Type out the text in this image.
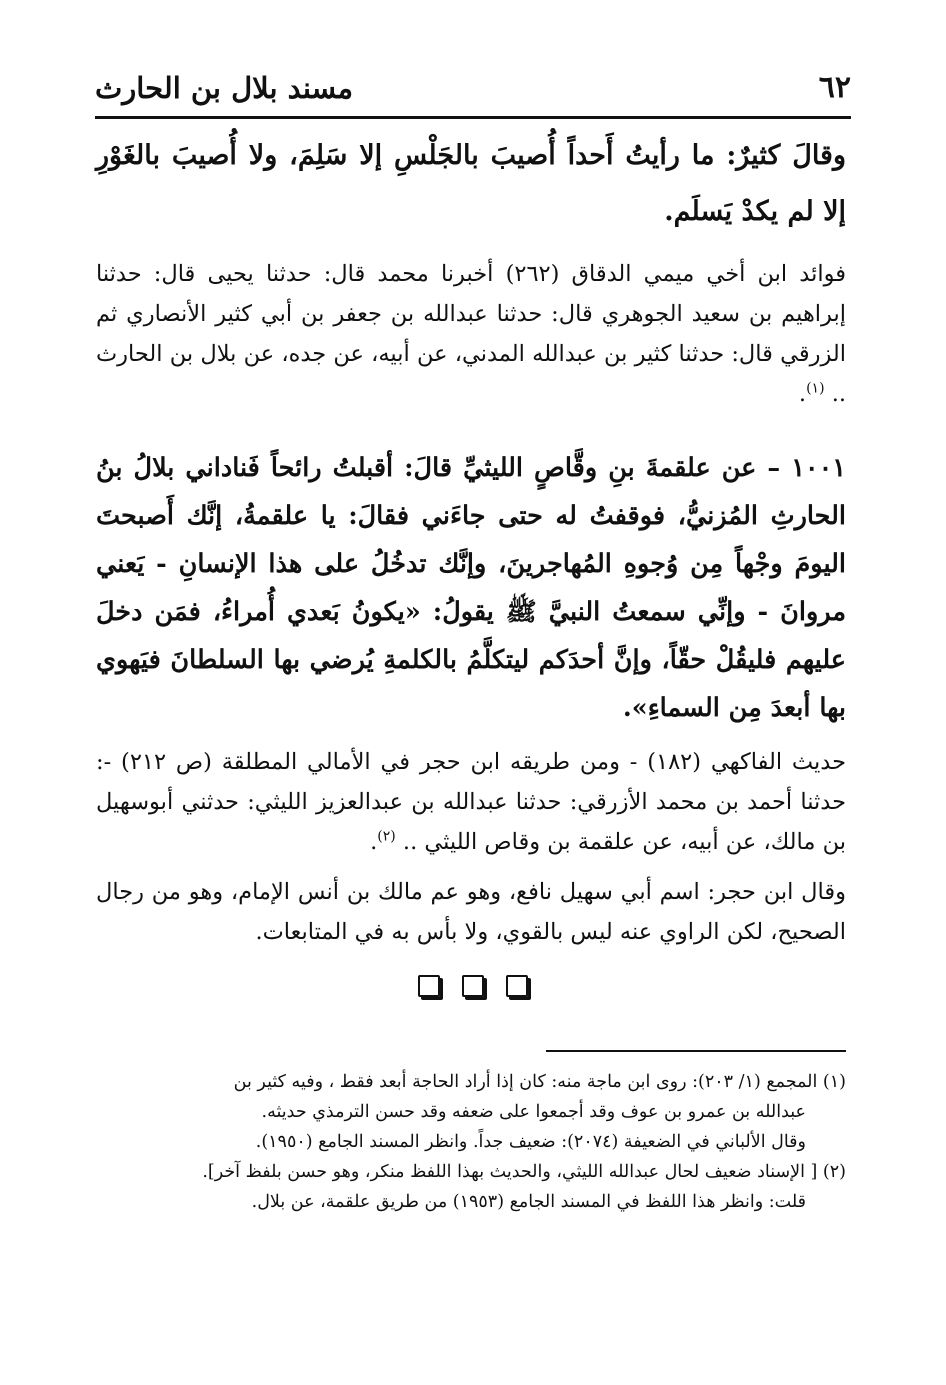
٦٢
مسند بلال بن الحارث

وقالَ كثيرٌ: ما رأيتُ أَحداً أُصيبَ بالجَلْسِ إلا سَلِمَ، ولا أُصيبَ بالغَوْرِ إلا لم يكدْ يَسلَم.

فوائد ابن أخي ميمي الدقاق (٢٦٢) أخبرنا محمد قال: حدثنا يحيى قال: حدثنا إبراهيم بن سعيد الجوهري قال: حدثنا عبدالله بن جعفر بن أبي كثير الأنصاري ثم الزرقي قال: حدثنا كثير بن عبدالله المدني، عن أبيه، عن جده، عن بلال بن الحارث .. $^{(١)}$.

١٠٠١ – عن علقمةَ بنِ وقَّاصٍ الليثيِّ قالَ: أقبلتُ رائحاً فَناداني بلالُ بنُ الحارثِ المُزنيُّ، فوقفتُ له حتى جاءَني فقالَ: يا علقمةُ، إنَّك أَصبحتَ اليومَ وجْهاً مِن وُجوهِ المُهاجرينَ، وإنَّك تدخُلُ على هذا الإنسانِ - يَعني مروانَ - وإنِّي سمعتُ النبيَّ ﷺ يقولُ: «يكونُ بَعدي أُمراءُ، فمَن دخلَ عليهم فليقُلْ حقّاً، وإنَّ أحدَكم ليتكلَّمُ بالكلمةِ يُرضي بها السلطانَ فيَهوي بها أبعدَ مِن السماءِ».

حديث الفاكهي (١٨٢) - ومن طريقه ابن حجر في الأمالي المطلقة (ص ٢١٢) -: حدثنا أحمد بن محمد الأزرقي: حدثنا عبدالله بن عبدالعزيز الليثي: حدثني أبوسهيل بن مالك، عن أبيه، عن علقمة بن وقاص الليثي .. $^{(٢)}$.

وقال ابن حجر: اسم أبي سهيل نافع، وهو عم مالك بن أنس الإمام، وهو من رجال الصحيح، لكن الراوي عنه ليس بالقوي، ولا بأس به في المتابعات.

(١) المجمع (١/ ٢٠٣): روى ابن ماجة منه: كان إذا أراد الحاجة أبعد فقط ، وفيه كثير بن

عبدالله بن عمرو بن عوف وقد أجمعوا على ضعفه وقد حسن الترمذي حديثه.

وقال الألباني في الضعيفة (٢٠٧٤): ضعيف جداً. وانظر المسند الجامع (١٩٥٠).

(٢) [ الإسناد ضعيف لحال عبدالله الليثي، والحديث بهذا اللفظ منكر، وهو حسن بلفظ آخر].

قلت: وانظر هذا اللفظ في المسند الجامع (١٩٥٣) من طريق علقمة، عن بلال.
